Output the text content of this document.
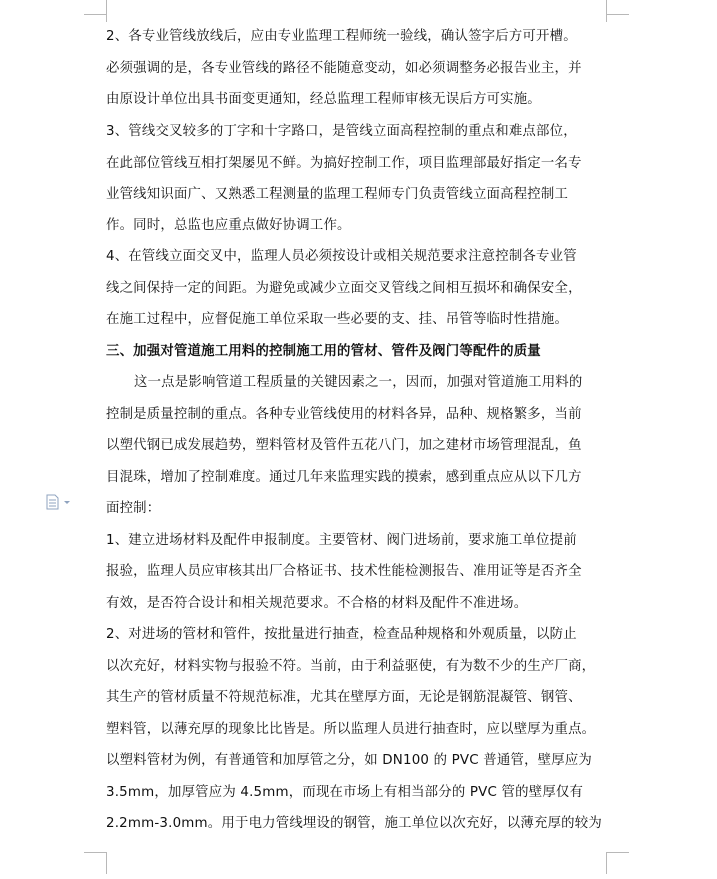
2、各专业管线放线后，应由专业监理工程师统一验线，确认签字后方可开槽。
必须强调的是，各专业管线的路径不能随意变动，如必须调整务必报告业主，并
由原设计单位出具书面变更通知，经总监理工程师审核无误后方可实施。
3、管线交叉较多的丁字和十字路口，是管线立面高程控制的重点和难点部位，
在此部位管线互相打架屡见不鲜。为搞好控制工作，项目监理部最好指定一名专
业管线知识面广、又熟悉工程测量的监理工程师专门负责管线立面高程控制工
作。同时，总监也应重点做好协调工作。
4、在管线立面交叉中，监理人员必须按设计或相关规范要求注意控制各专业管
线之间保持一定的间距。为避免或减少立面交叉管线之间相互损坏和确保安全，
在施工过程中，应督促施工单位采取一些必要的支、挂、吊管等临时性措施。
三、加强对管道施工用料的控制施工用的管材、管件及阀门等配件的质量
这一点是影响管道工程质量的关键因素之一，因而，加强对管道施工用料的
控制是质量控制的重点。各种专业管线使用的材料各异，品种、规格繁多，当前
以塑代钢已成发展趋势，塑料管材及管件五花八门，加之建材市场管理混乱，鱼
目混珠，增加了控制难度。通过几年来监理实践的摸索，感到重点应从以下几方
面控制：
1、建立进场材料及配件申报制度。主要管材、阀门进场前，要求施工单位提前
报验，监理人员应审核其出厂合格证书、技术性能检测报告、准用证等是否齐全
有效，是否符合设计和相关规范要求。不合格的材料及配件不准进场。
2、对进场的管材和管件，按批量进行抽查，检查品种规格和外观质量，以防止
以次充好，材料实物与报验不符。当前，由于利益驱使，有为数不少的生产厂商，
其生产的管材质量不符规范标准，尤其在壁厚方面，无论是钢筋混凝管、钢管、
塑料管，以薄充厚的现象比比皆是。所以监理人员进行抽查时，应以壁厚为重点。
以塑料管材为例，有普通管和加厚管之分，如 DN100 的 PVC 普通管，壁厚应为
3.5mm，加厚管应为 4.5mm，而现在市场上有相当部分的 PVC 管的壁厚仅有
2.2mm-3.0mm。用于电力管线埋设的钢管，施工单位以次充好，以薄充厚的较为
